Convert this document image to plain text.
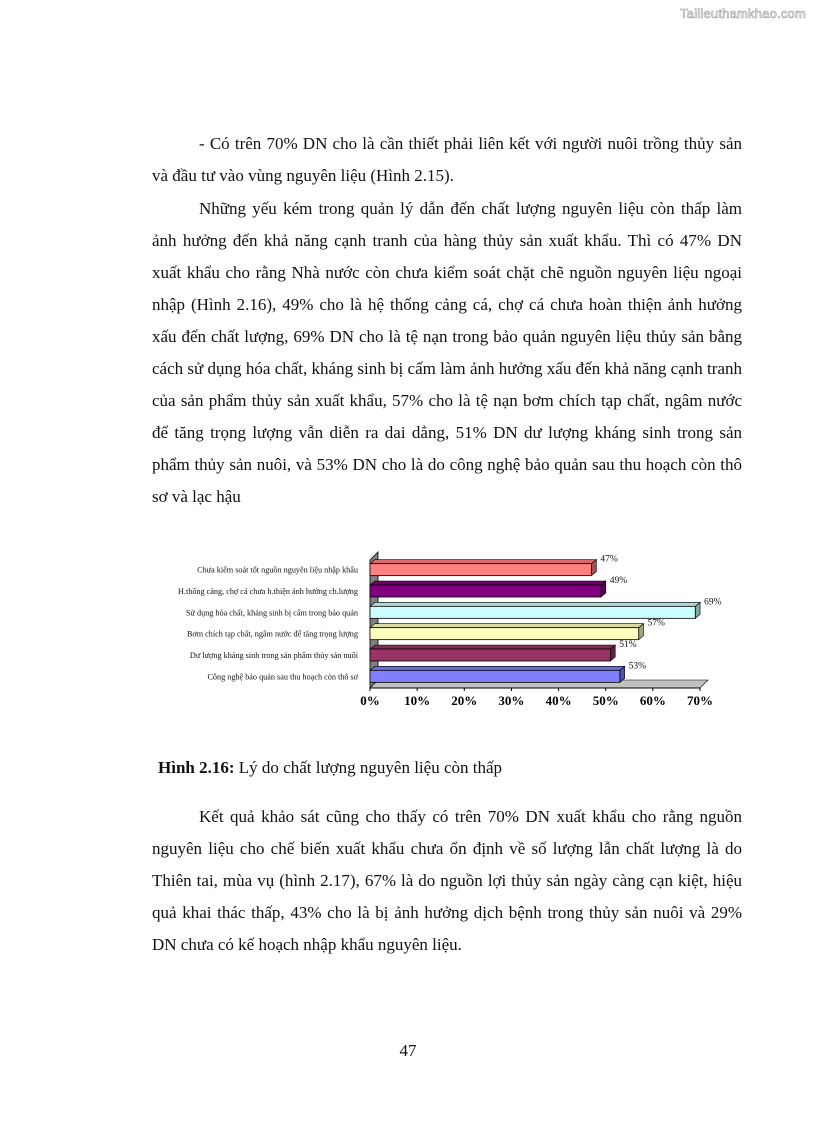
Tailieuthamkhao.com

- Có trên 70% DN cho là cần thiết phải liên kết với người nuôi trồng thủy sản và đầu tư vào vùng nguyên liệu (Hình 2.15).

Những yếu kém trong quản lý dẫn đến chất lượng nguyên liệu còn thấp làm ảnh hưởng đến khả năng cạnh tranh của hàng thủy sản xuất khẩu. Thì có 47% DN xuất khẩu cho rằng Nhà nước còn chưa kiểm soát chặt chẽ nguồn nguyên liệu ngoại nhập (Hình 2.16), 49% cho là hệ thống cảng cá, chợ cá chưa hoàn thiện ảnh hưởng xấu đến chất lượng, 69% DN cho là tệ nạn trong bảo quản nguyên liệu thủy sản bằng cách sử dụng hóa chất, kháng sinh bị cấm làm ảnh hưởng xấu đến khả năng cạnh tranh của sản phẩm thủy sản xuất khẩu, 57% cho là tệ nạn bơm chích tạp chất, ngâm nước để tăng trọng lượng vẫn diễn ra dai dẳng, 51% DN dư lượng kháng sinh trong sản phẩm thủy sản nuôi, và 53% DN cho là do công nghệ bảo quản sau thu hoạch còn thô sơ và lạc hậu

Chưa kiểm soát tốt nguồn nguyên liệu nhập khẩu
H.thống cảng, chợ cá chưa h.thiện ảnh hưởng ch.lượng
Sử dụng hóa chất, kháng sinh bị cấm trong bảo quản
Bơm chích tạp chất, ngâm nước để tăng trọng lượng
Dư lượng kháng sinh trong sản phẩm thủy sản nuôi
Công nghệ bảo quản sau thu hoạch còn thô sơ
47%
49%
69%
57%
51%
53%
0% 10% 20% 30% 40% 50% 60% 70%

Hình 2.16: Lý do chất lượng nguyên liệu còn thấp

Kết quả khảo sát cũng cho thấy có trên 70% DN xuất khẩu cho rằng nguồn nguyên liệu cho chế biến xuất khẩu chưa ổn định về số lượng lẫn chất lượng là do Thiên tai, mùa vụ (hình 2.17), 67% là do nguồn lợi thủy sản ngày càng cạn kiệt, hiệu quả khai thác thấp, 43% cho là bị ảnh hưởng dịch bệnh trong thủy sản nuôi và 29% DN chưa có kế hoạch nhập khẩu nguyên liệu.

47
